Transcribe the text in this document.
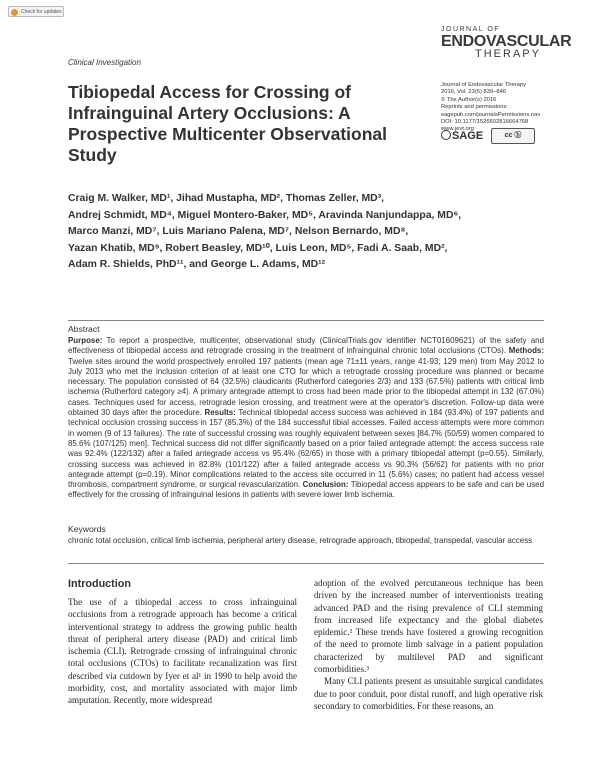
Check for updates
Clinical Investigation
JOURNAL OF
ENDOVASCULAR
THERAPY
Journal of Endovascular Therapy
2016, Vol. 23(6) 839–846
© The Author(s) 2016
Reprints and permissions:
sagepub.com/journalsPermissions.nav
DOI: 10.1177/1526602816664768
www.jevt.org
SAGE	cc ⓑ
Tibiopedal Access for Crossing of Infrainguinal Artery Occlusions: A Prospective Multicenter Observational Study
Craig M. Walker, MD¹, Jihad Mustapha, MD², Thomas Zeller, MD³,
Andrej Schmidt, MD⁴, Miguel Montero-Baker, MD⁵, Aravinda Nanjundappa, MD⁶,
Marco Manzi, MD⁷, Luis Mariano Palena, MD⁷, Nelson Bernardo, MD⁸,
Yazan Khatib, MD⁹, Robert Beasley, MD¹⁰, Luis Leon, MD⁵, Fadi A. Saab, MD²,
Adam R. Shields, PhD¹¹, and George L. Adams, MD¹²
Abstract
Purpose: To report a prospective, multicenter, observational study (ClinicalTrials.gov identifier NCT01609621) of the safety and effectiveness of tibiopedal access and retrograde crossing in the treatment of infrainguinal chronic total occlusions (CTOs). Methods: Twelve sites around the world prospectively enrolled 197 patients (mean age 71±11 years, range 41-93; 129 men) from May 2012 to July 2013 who met the inclusion criterion of at least one CTO for which a retrograde crossing procedure was planned or became necessary. The population consisted of 64 (32.5%) claudicants (Rutherford categories 2/3) and 133 (67.5%) patients with critical limb ischemia (Rutherford category ≥4). A primary antegrade attempt to cross had been made prior to the tibiopedal attempt in 132 (67.0%) cases. Techniques used for access, retrograde lesion crossing, and treatment were at the operator's discretion. Follow-up data were obtained 30 days after the procedure. Results: Technical tibiopedal access success was achieved in 184 (93.4%) of 197 patients and technical occlusion crossing success in 157 (85.3%) of the 184 successful tibial accesses. Failed access attempts were more common in women (9 of 13 failures). The rate of successful crossing was roughly equivalent between sexes [84.7% (50/59) women compared to 85.6% (107/125) men]. Technical success did not differ significantly based on a prior failed antegrade attempt: the access success rate was 92.4% (122/132) after a failed antegrade access vs 95.4% (62/65) in those with a primary tibiopedal attempt (p=0.55). Similarly, crossing success was achieved in 82.8% (101/122) after a failed antegrade access vs 90.3% (56/62) for patients with no prior antegrade attempt (p=0.19). Minor complications related to the access site occurred in 11 (5.6%) cases; no patient had access vessel thrombosis, compartment syndrome, or surgical revascularization. Conclusion: Tibiopedal access appears to be safe and can be used effectively for the crossing of infrainguinal lesions in patients with severe lower limb ischemia.
Keywords
chronic total occlusion, critical limb ischemia, peripheral artery disease, retrograde approach, tibiopedal, transpedal, vascular access
Introduction

The use of a tibiopedal access to cross infrainguinal occlusions from a retrograde approach has become a critical interventional strategy to address the growing public health threat of peripheral artery disease (PAD) and critical limb ischemia (CLI). Retrograde crossing of infrainguinal chronic total occlusions (CTOs) to facilitate recanalization was first described via cutdown by Iyer et al¹ in 1990 to help avoid the morbidity, cost, and mortality associated with major limb amputation. Recently, more widespread

adoption of the evolved percutaneous technique has been driven by the increased number of interventionists treating advanced PAD and the rising prevalence of CLI stemming from increased life expectancy and the global diabetes epidemic.² These trends have fostered a growing recognition of the need to promote limb salvage in a patient population characterized by multilevel PAD and significant comorbidities.³

Many CLI patients present as unsuitable surgical candidates due to poor conduit, poor distal runoff, and high operative risk secondary to comorbidities. For these reasons, an
